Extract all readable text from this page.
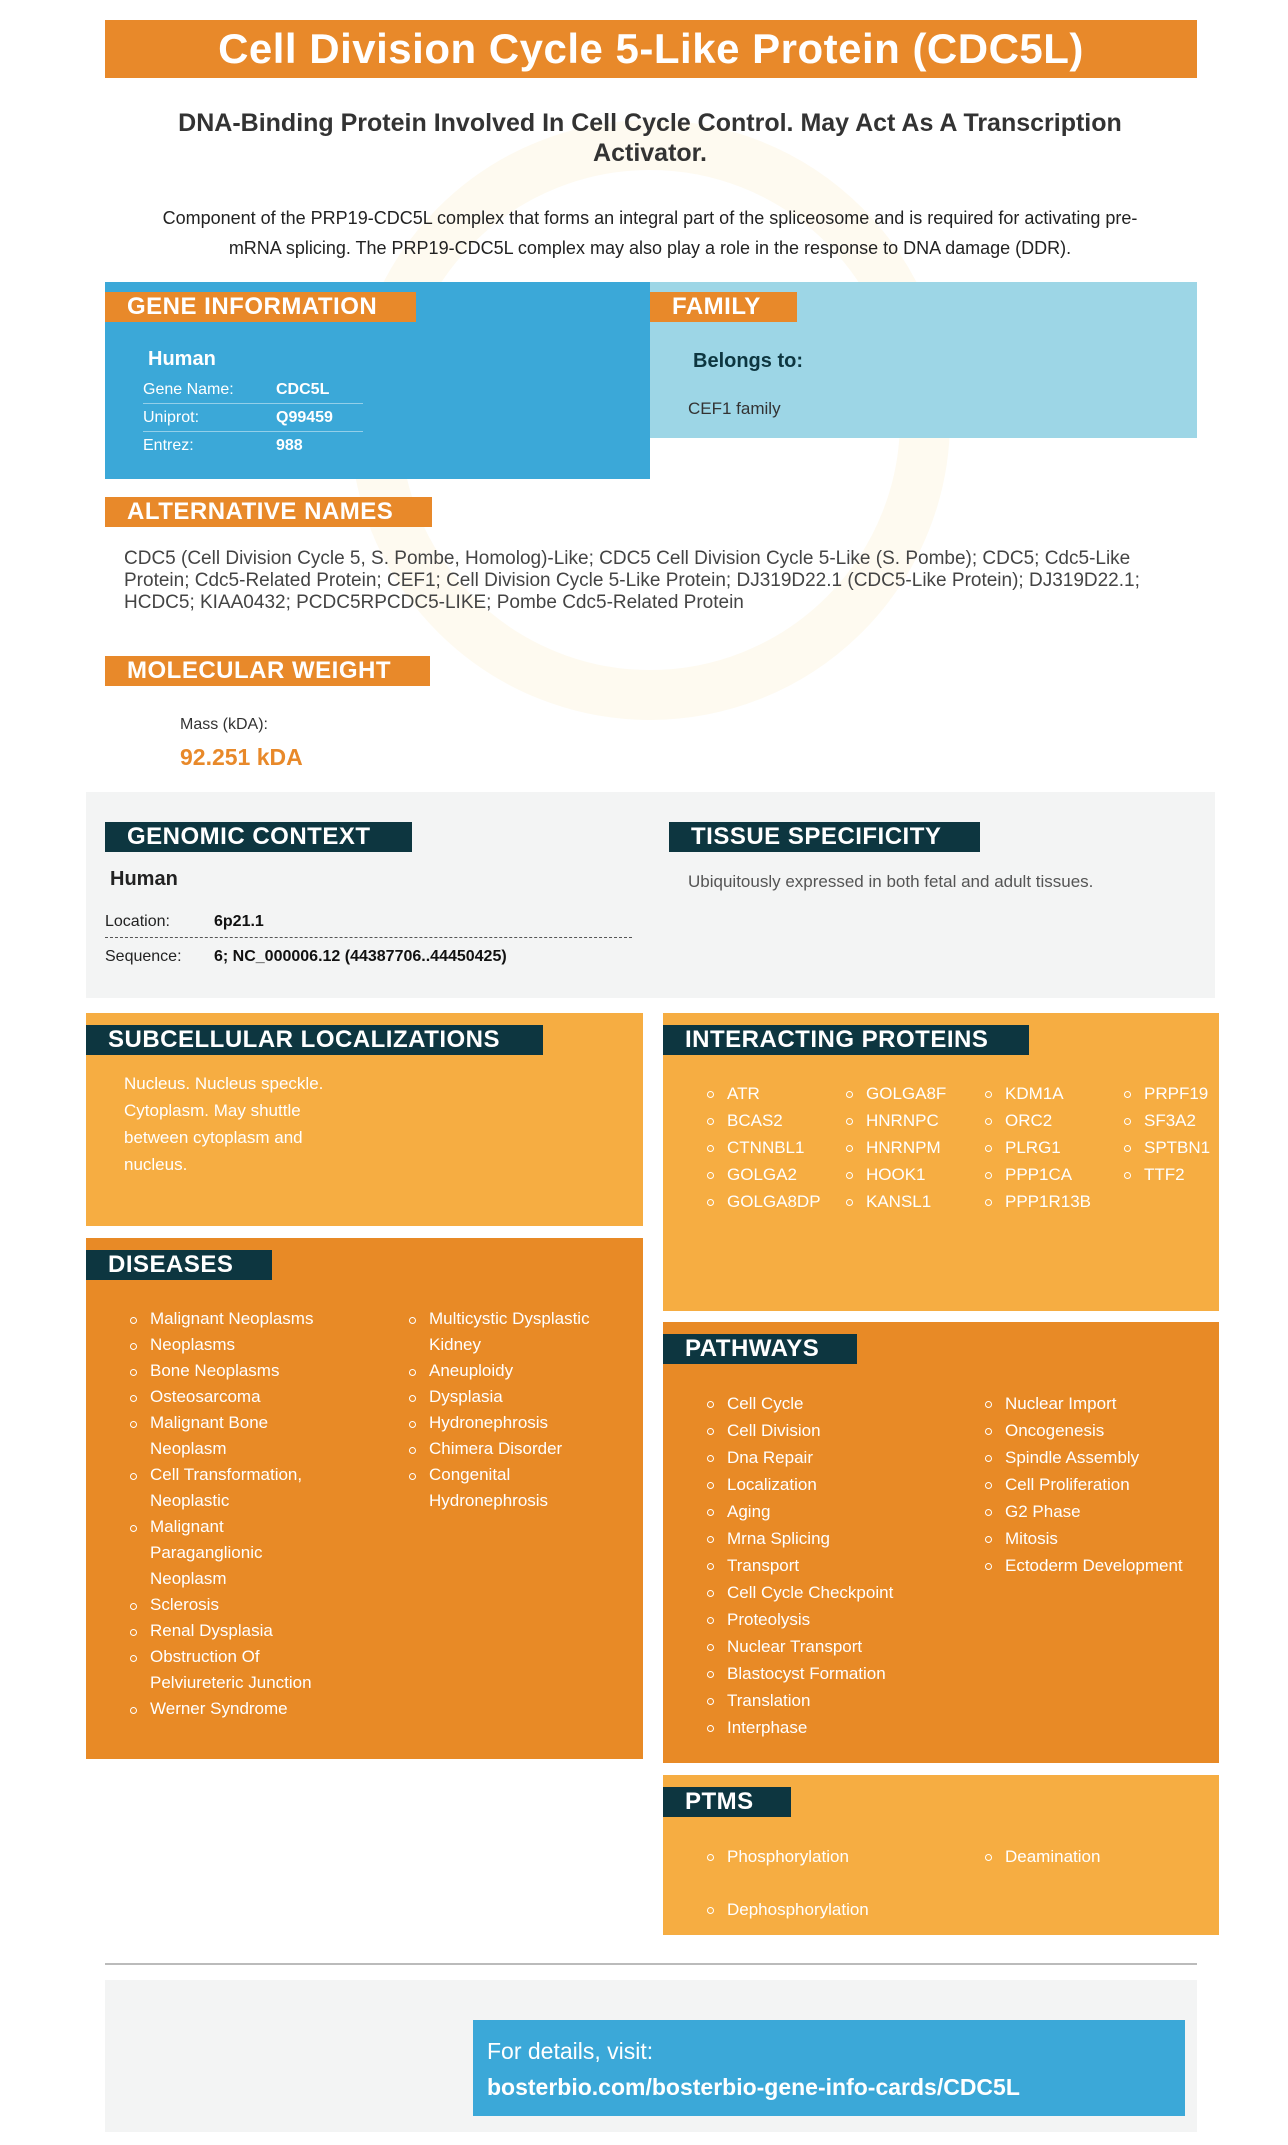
Cell Division Cycle 5-Like Protein (CDC5L)
DNA-Binding Protein Involved In Cell Cycle Control. May Act As A Transcription Activator.
Component of the PRP19-CDC5L complex that forms an integral part of the spliceosome and is required for activating pre-mRNA splicing. The PRP19-CDC5L complex may also play a role in the response to DNA damage (DDR).
GENE INFORMATION
Human
Gene Name:	CDC5L
Uniprot:	Q99459
Entrez:	988
FAMILY
Belongs to:
CEF1 family
ALTERNATIVE NAMES
CDC5 (Cell Division Cycle 5, S. Pombe, Homolog)-Like; CDC5 Cell Division Cycle 5-Like (S. Pombe); CDC5; Cdc5-Like Protein; Cdc5-Related Protein; CEF1; Cell Division Cycle 5-Like Protein; DJ319D22.1 (CDC5-Like Protein); DJ319D22.1; HCDC5; KIAA0432; PCDC5RPCDC5-LIKE; Pombe Cdc5-Related Protein
MOLECULAR WEIGHT
Mass (kDA):
92.251 kDA
GENOMIC CONTEXT
Human
Location:	6p21.1
Sequence: 6; NC_000006.12 (44387706..44450425)
TISSUE SPECIFICITY
Ubiquitously expressed in both fetal and adult tissues.
SUBCELLULAR LOCALIZATIONS
Nucleus. Nucleus speckle. Cytoplasm. May shuttle between cytoplasm and nucleus.
DISEASES
Malignant Neoplasms
Neoplasms
Bone Neoplasms
Osteosarcoma
Malignant Bone Neoplasm
Cell Transformation, Neoplastic
Malignant Paraganglionic Neoplasm
Sclerosis
Renal Dysplasia
Obstruction Of Pelviureteric Junction
Werner Syndrome
Multicystic Dysplastic Kidney
Aneuploidy
Dysplasia
Hydronephrosis
Chimera Disorder
Congenital Hydronephrosis
INTERACTING PROTEINS
ATR
BCAS2
CTNNBL1
GOLGA2
GOLGA8DP
GOLGA8F
HNRNPC
HNRNPM
HOOK1
KANSL1
KDM1A
ORC2
PLRG1
PPP1CA
PPP1R13B
PRPF19
SF3A2
SPTBN1
TTF2
PATHWAYS
Cell Cycle
Cell Division
Dna Repair
Localization
Aging
Mrna Splicing
Transport
Cell Cycle Checkpoint
Proteolysis
Nuclear Transport
Blastocyst Formation
Translation
Interphase
Nuclear Import
Oncogenesis
Spindle Assembly
Cell Proliferation
G2 Phase
Mitosis
Ectoderm Development
PTMS
Phosphorylation
Dephosphorylation
Deamination
For details, visit:
bosterbio.com/bosterbio-gene-info-cards/CDC5L
